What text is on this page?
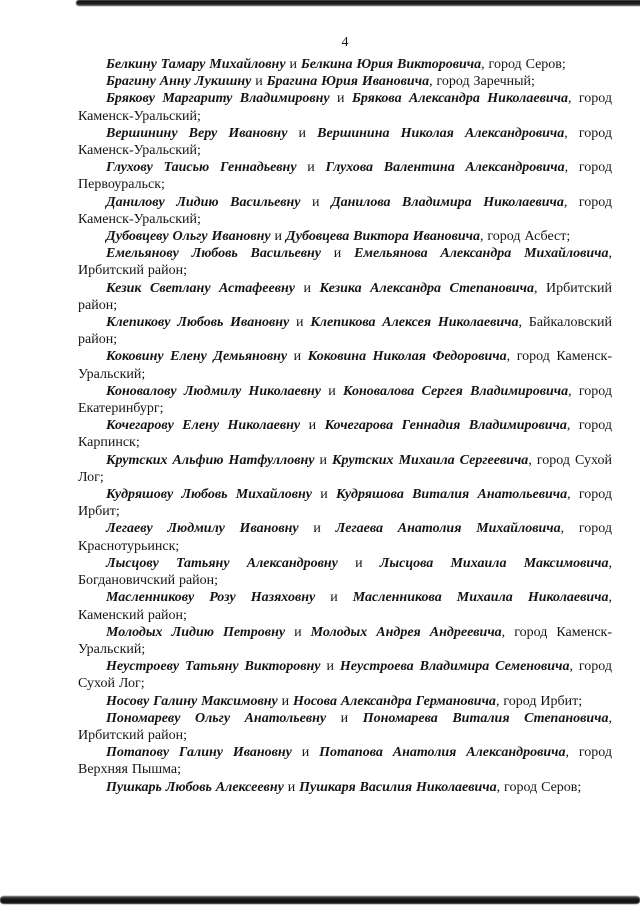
4

Белкину Тамару Михайловну и Белкина Юрия Викторовича, город Серов;

Брагину Анну Лукишну и Брагина Юрия Ивановича, город Заречный;

Брякову Маргариту Владимировну и Брякова Александра Николаевича, город Каменск-Уральский;

Вершинину Веру Ивановну и Вершинина Николая Александровича, город Каменск-Уральский;

Глухову Таисью Геннадьевну и Глухова Валентина Александровича, город Первоуральск;

Данилову Лидию Васильевну и Данилова Владимира Николаевича, город Каменск-Уральский;

Дубовцеву Ольгу Ивановну и Дубовцева Виктора Ивановича, город Асбест;

Емельянову Любовь Васильевну и Емельянова Александра Михайловича, Ирбитский район;

Кезик Светлану Астафеевну и Кезика Александра Степановича, Ирбитский район;

Клепикову Любовь Ивановну и Клепикова Алексея Николаевича, Байкаловский район;

Коковину Елену Демьяновну и Коковина Николая Федоровича, город Каменск-Уральский;

Коновалову Людмилу Николаевну и Коновалова Сергея Владимировича, город Екатеринбург;

Кочегарову Елену Николаевну и Кочегарова Геннадия Владимировича, город Карпинск;

Крутских Альфию Натфулловну и Крутских Михаила Сергеевича, город Сухой Лог;

Кудряшову Любовь Михайловну и Кудряшова Виталия Анатольевича, город Ирбит;

Легаеву Людмилу Ивановну и Легаева Анатолия Михайловича, город Краснотурьинск;

Лысцову Татьяну Александровну и Лысцова Михаила Максимовича, Богдановичский район;

Масленникову Розу Назяховну и Масленникова Михаила Николаевича, Каменский район;

Молодых Лидию Петровну и Молодых Андрея Андреевича, город Каменск-Уральский;

Неустроеву Татьяну Викторовну и Неустроева Владимира Семеновича, город Сухой Лог;

Носову Галину Максимовну и Носова Александра Германовича, город Ирбит;

Пономареву Ольгу Анатольевну и Пономарева Виталия Степановича, Ирбитский район;

Потапову Галину Ивановну и Потапова Анатолия Александровича, город Верхняя Пышма;

Пушкарь Любовь Алексеевну и Пушкаря Василия Николаевича, город Серов;
